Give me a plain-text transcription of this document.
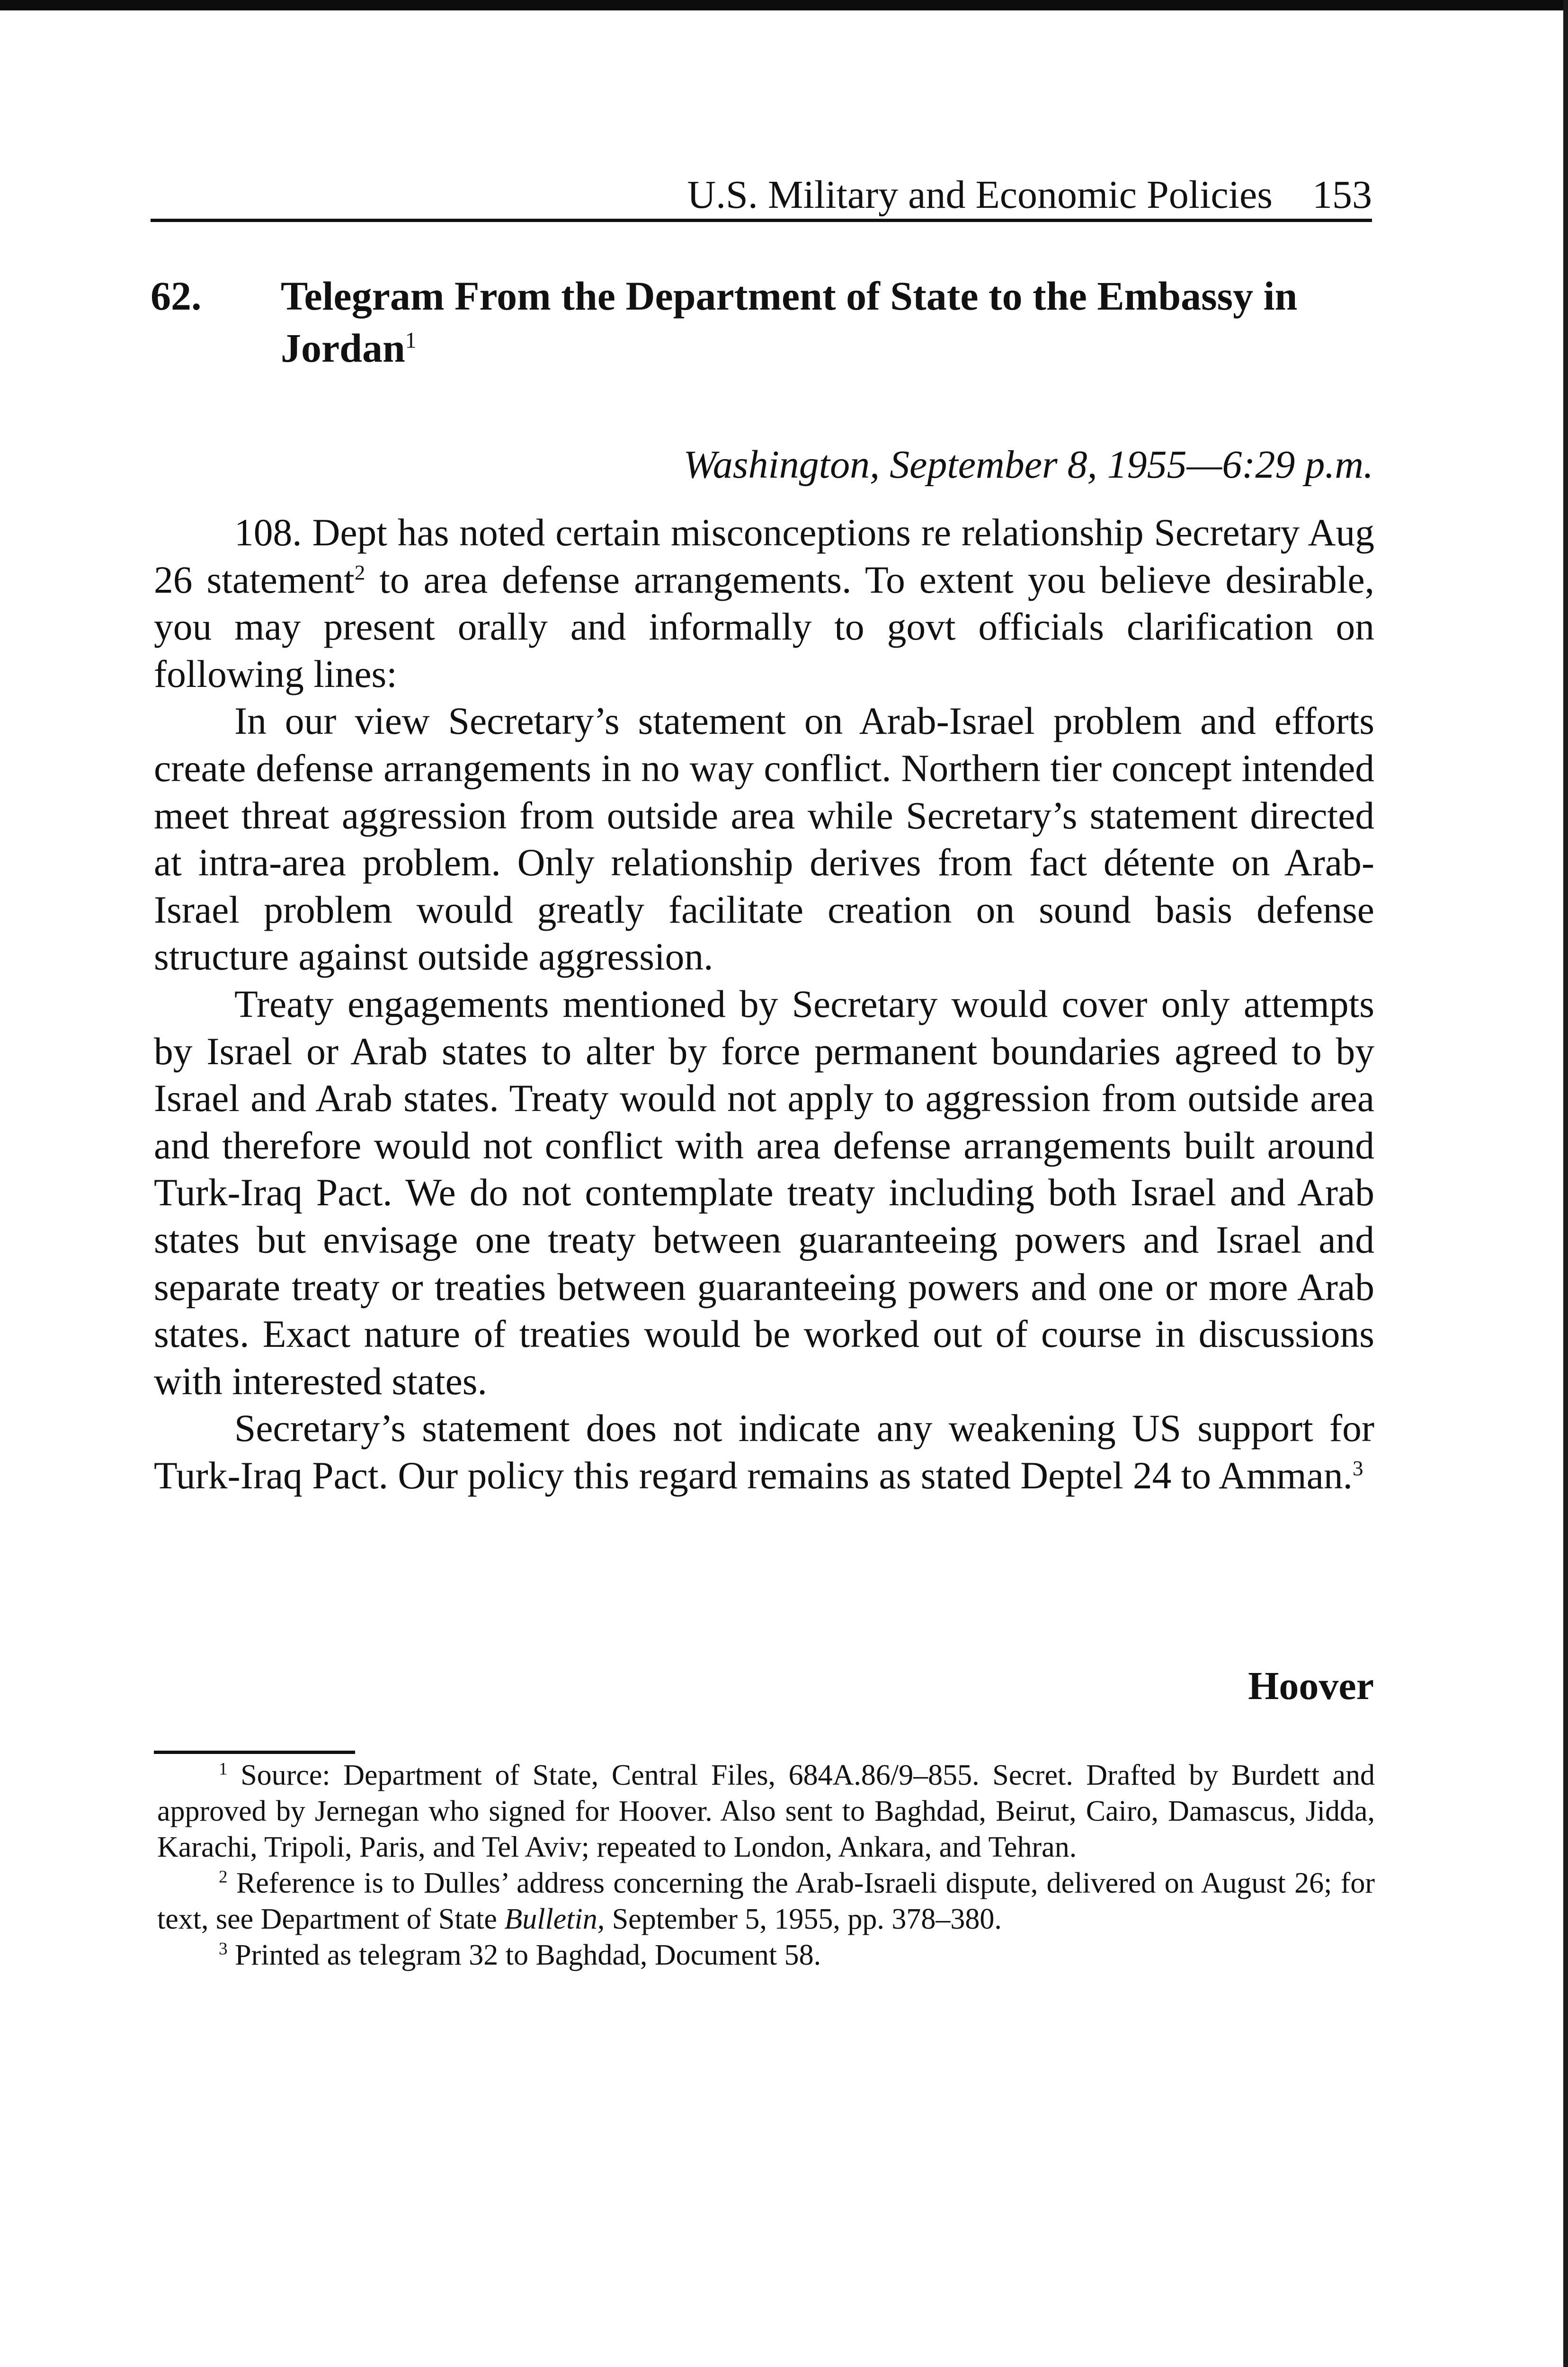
U.S. Military and Economic Policies 153
62. Telegram From the Department of State to the Embassy in Jordan$^1$
Washington, September 8, 1955—6:29 p.m.

108. Dept has noted certain misconceptions re relationship Secretary Aug 26 statement$^2$ to area defense arrangements. To extent you believe desirable, you may present orally and informally to govt officials clarification on following lines:

In our view Secretary’s statement on Arab-Israel problem and efforts create defense arrangements in no way conflict. Northern tier concept intended meet threat aggression from outside area while Secretary’s statement directed at intra-area problem. Only relationship derives from fact détente on Arab-Israel problem would greatly facilitate creation on sound basis defense structure against outside aggression.

Treaty engagements mentioned by Secretary would cover only attempts by Israel or Arab states to alter by force permanent boundaries agreed to by Israel and Arab states. Treaty would not apply to aggression from outside area and therefore would not conflict with area defense arrangements built around Turk-Iraq Pact. We do not contemplate treaty including both Israel and Arab states but envisage one treaty between guaranteeing powers and Israel and separate treaty or treaties between guaranteeing powers and one or more Arab states. Exact nature of treaties would be worked out of course in discussions with interested states.

Secretary’s statement does not indicate any weakening US support for Turk-Iraq Pact. Our policy this regard remains as stated Deptel 24 to Amman.$^3$

Hoover

$^1$ Source: Department of State, Central Files, 684A.86/9–855. Secret. Drafted by Burdett and approved by Jernegan who signed for Hoover. Also sent to Baghdad, Beirut, Cairo, Damascus, Jidda, Karachi, Tripoli, Paris, and Tel Aviv; repeated to London, Ankara, and Tehran.

$^2$ Reference is to Dulles’ address concerning the Arab-Israeli dispute, delivered on August 26; for text, see Department of State Bulletin, September 5, 1955, pp. 378–380.

$^3$ Printed as telegram 32 to Baghdad, Document 58.
